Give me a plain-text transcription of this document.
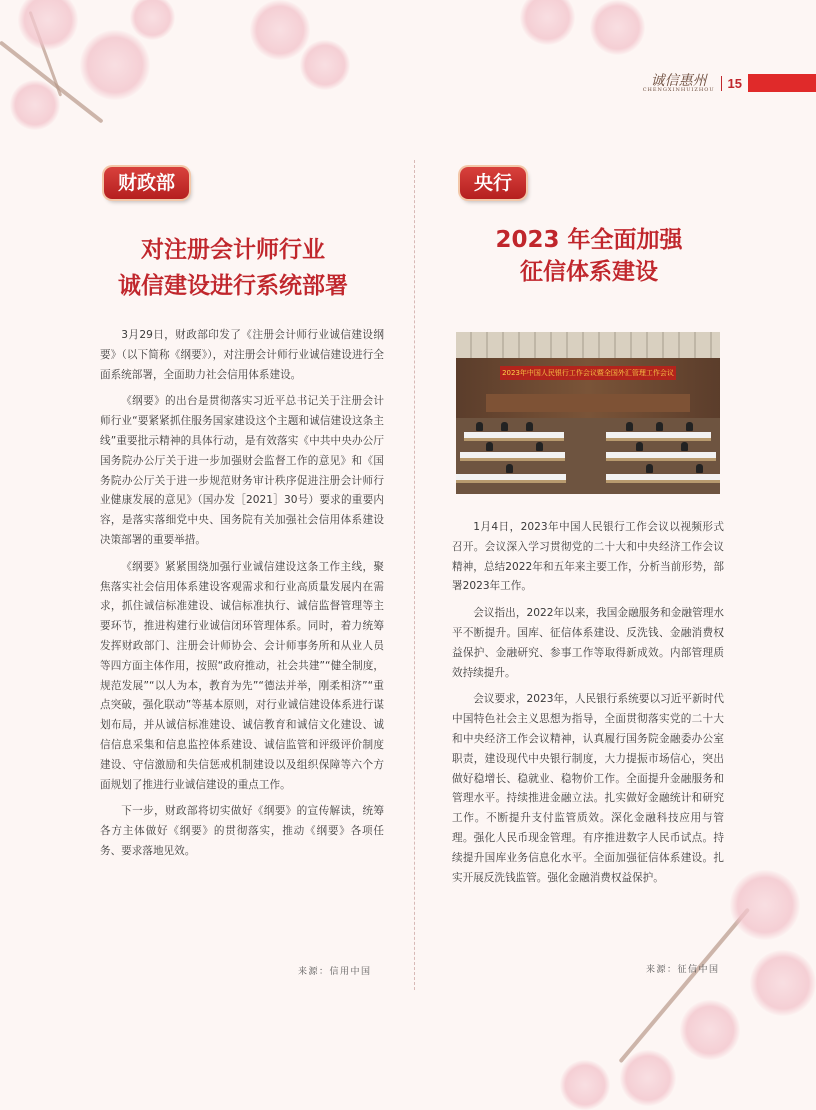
诚信惠州
CHENGXINHUIZHOU	15
财政部
对注册会计师行业
诚信建设进行系统部署

3月29日，财政部印发了《注册会计师行业诚信建设纲要》（以下简称《纲要》），对注册会计师行业诚信建设进行全面系统部署，全面助力社会信用体系建设。

《纲要》的出台是贯彻落实习近平总书记关于注册会计师行业“要紧紧抓住服务国家建设这个主题和诚信建设这条主线”重要批示精神的具体行动，是有效落实《中共中央办公厅 国务院办公厅关于进一步加强财会监督工作的意见》和《国务院办公厅关于进一步规范财务审计秩序促进注册会计师行业健康发展的意见》（国办发［2021］30号）要求的重要内容，是落实落细党中央、国务院有关加强社会信用体系建设决策部署的重要举措。

《纲要》紧紧围绕加强行业诚信建设这条工作主线，聚焦落实社会信用体系建设客观需求和行业高质量发展内在需求，抓住诚信标准建设、诚信标准执行、诚信监督管理等主要环节，推进构建行业诚信闭环管理体系。同时，着力统筹发挥财政部门、注册会计师协会、会计师事务所和从业人员等四方面主体作用，按照“政府推动，社会共建”“健全制度，规范发展”“以人为本，教育为先”“德法并举，刚柔相济”“重点突破，强化联动”等基本原则，对行业诚信建设体系进行谋划布局，并从诚信标准建设、诚信教育和诚信文化建设、诚信信息采集和信息监控体系建设、诚信监管和评级评价制度建设、守信激励和失信惩戒机制建设以及组织保障等六个方面规划了推进行业诚信建设的重点工作。

下一步，财政部将切实做好《纲要》的宣传解读，统筹各方主体做好《纲要》的贯彻落实，推动《纲要》各项任务、要求落地见效。

来源：信用中国
央行
2023 年全面加强
征信体系建设
2023年中国人民银行工作会议暨全国外汇管理工作会议

1月4日，2023年中国人民银行工作会议以视频形式召开。会议深入学习贯彻党的二十大和中央经济工作会议精神，总结2022年和五年来主要工作，分析当前形势，部署2023年工作。

会议指出，2022年以来，我国金融服务和金融管理水平不断提升。国库、征信体系建设、反洗钱、金融消费权益保护、金融研究、参事工作等取得新成效。内部管理质效持续提升。

会议要求，2023年，人民银行系统要以习近平新时代中国特色社会主义思想为指导，全面贯彻落实党的二十大和中央经济工作会议精神，认真履行国务院金融委办公室职责，建设现代中央银行制度，大力提振市场信心，突出做好稳增长、稳就业、稳物价工作。全面提升金融服务和管理水平。持续推进金融立法。扎实做好金融统计和研究工作。不断提升支付监管质效。深化金融科技应用与管理。强化人民币现金管理。有序推进数字人民币试点。持续提升国库业务信息化水平。全面加强征信体系建设。扎实开展反洗钱监管。强化金融消费权益保护。

来源：征信中国
